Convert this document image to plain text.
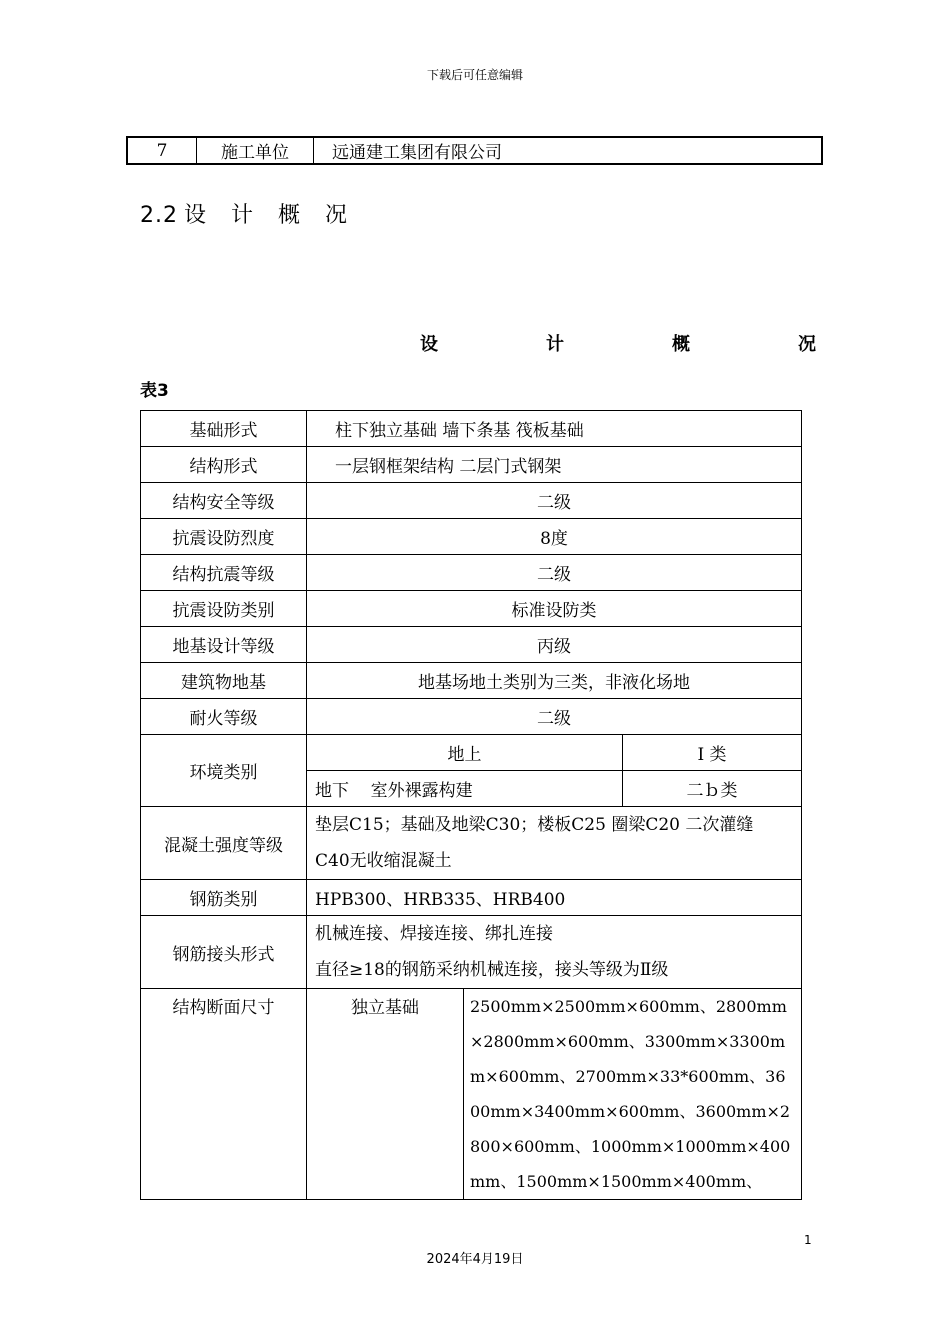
下载后可任意编辑
7	施工单位	远通建工集团有限公司
2.2 设 计 概 况
设	计	概	况
表3
基础形式	柱下独立基础 墙下条基 筏板基础		
结构形式	一层钢框架结构 二层门式钢架		
结构安全等级	二级		
抗震设防烈度	8度		
结构抗震等级	二级		
抗震设防类别	标准设防类		
地基设计等级	丙级		
建筑物地基	地基场地土类别为三类，非液化场地		
耐火等级	二级		
环境类别	地上		Ⅰ 类
	地下    室外裸露构建		二ｂ类
混凝土强度等级	垫层C15；基础及地梁C30；楼板C25 圈梁C20 二次灌缝
C40无收缩混凝土		

钢筋类别	HPB300、HRB335、HRB400		
钢筋接头形式	机械连接、焊接连接、绑扎连接
直径≥18的钢筋采纳机械连接，接头等级为Ⅱ级		

结构断面尺寸	独立基础	2500mm×2500mm×600mm、2800mm×2800mm×600mm、3300mm×3300mm×600mm、2700mm×33*600mm、3600mm×3400mm×600mm、3600mm×2800×600mm、1000mm×1000mm×400mm、1500mm×1500mm×400mm、	
1
2024年4月19日
